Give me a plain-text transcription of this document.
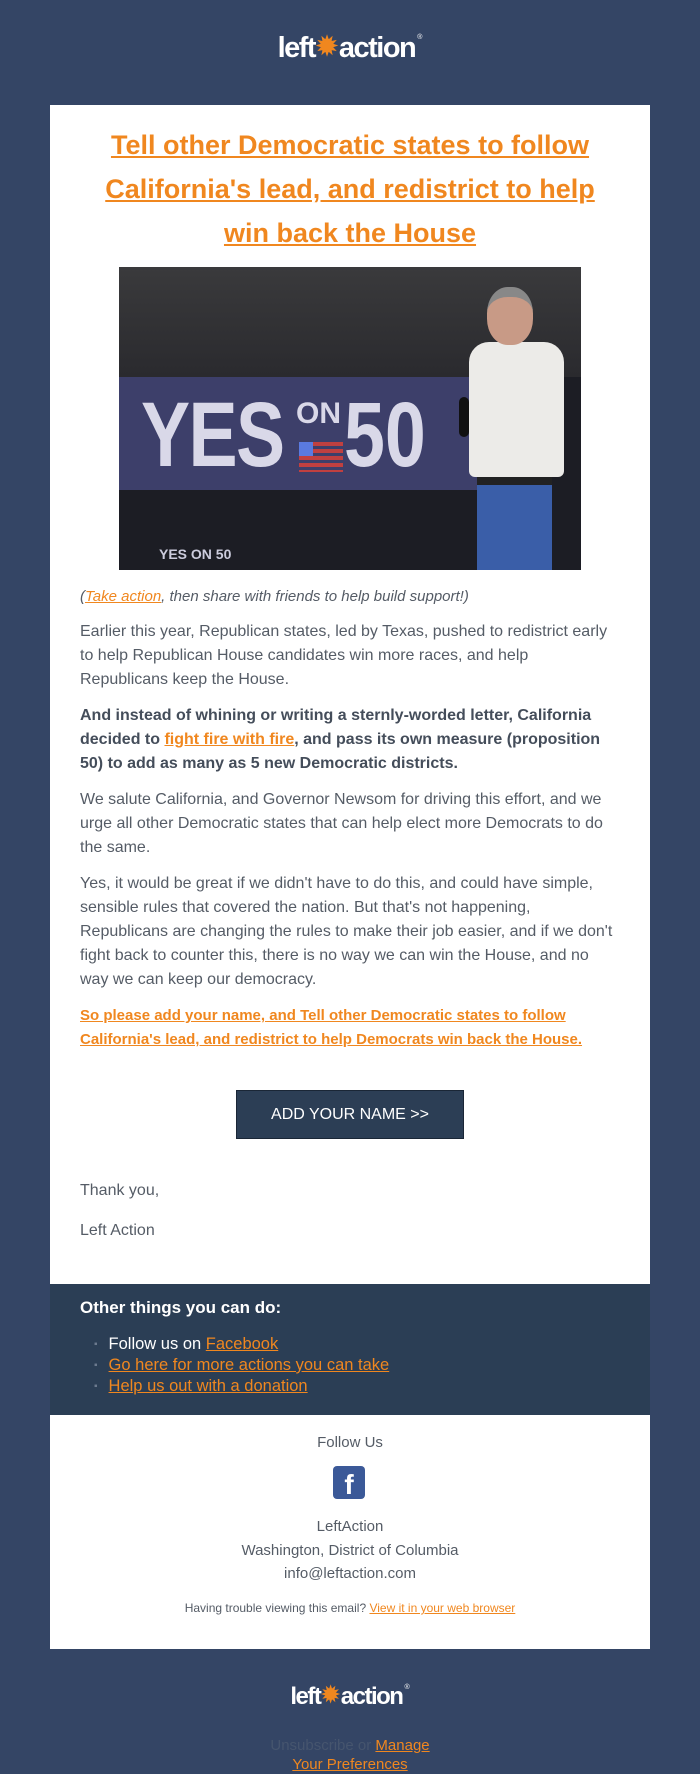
left✹action ®
Tell other Democratic states to follow California's lead, and redistrict to help win back the House
YES ON 50
YES ON 50

(Take action, then share with friends to help build support!)

Earlier this year, Republican states, led by Texas, pushed to redistrict early to help Republican House candidates win more races, and help Republicans keep the House.

And instead of whining or writing a sternly-worded letter, California decided to fight fire with fire, and pass its own measure (proposition 50) to add as many as 5 new Democratic districts.

We salute California, and Governor Newsom for driving this effort, and we urge all other Democratic states that can help elect more Democrats to do the same.

Yes, it would be great if we didn't have to do this, and could have simple, sensible rules that covered the nation. But that's not happening, Republicans are changing the rules to make their job easier, and if we don't fight back to counter this, there is no way we can win the House, and no way we can keep our democracy.

So please add your name, and Tell other Democratic states to follow California's lead, and redistrict to help Democrats win back the House.

ADD YOUR NAME >>
Thank you,
Left Action
Other things you can do:
▪ Follow us on Facebook
▪ Go here for more actions you can take
▪ Help us out with a donation
Follow Us
f
LeftAction
Washington, District of Columbia
info@leftaction.com
Having trouble viewing this email? View it in your web browser
left✹action ®
Unsubscribe or Manage Your Preferences
